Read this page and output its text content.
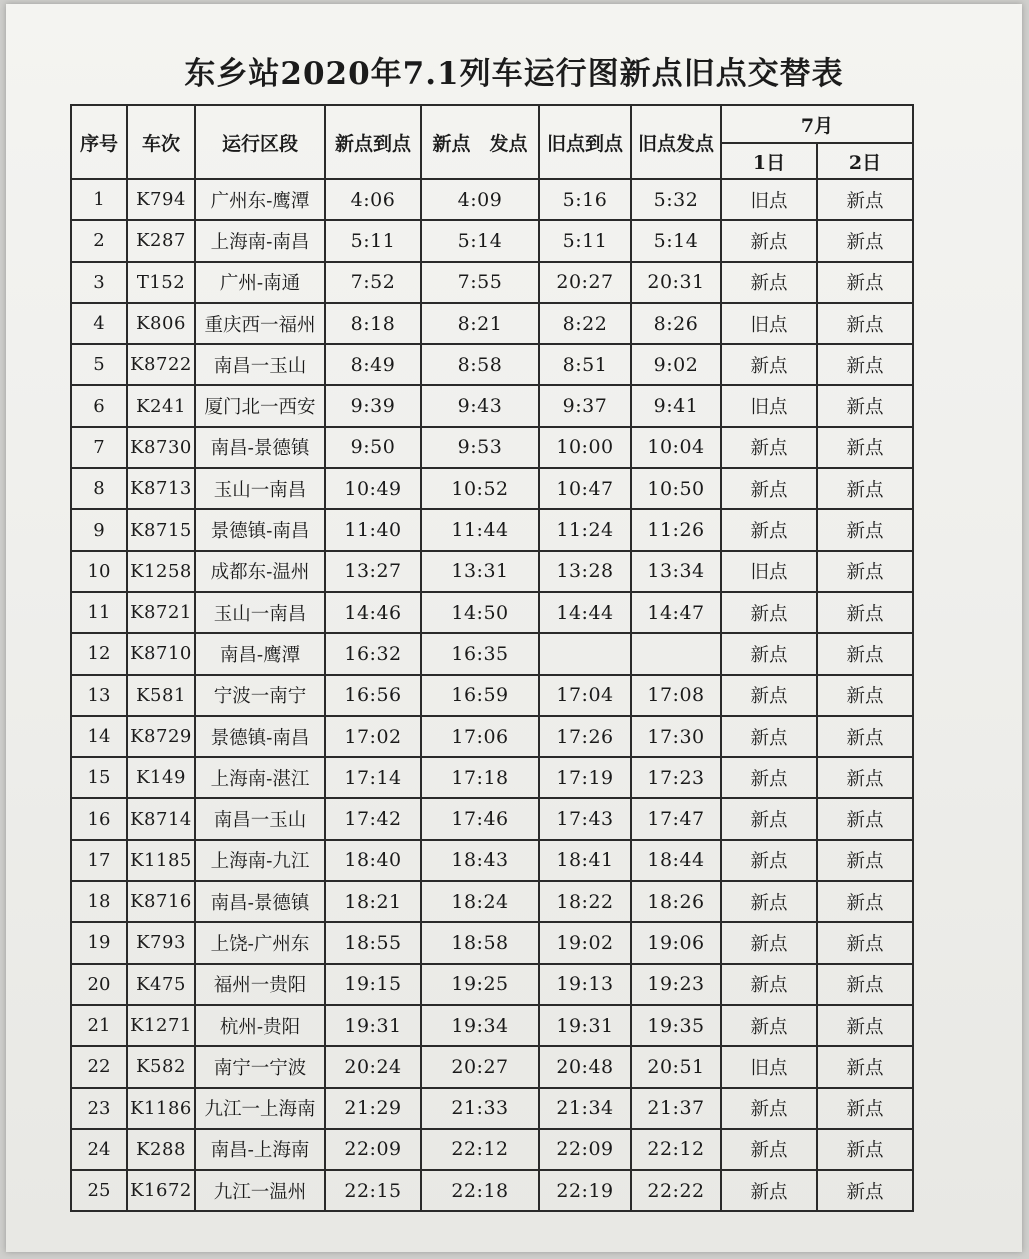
东乡站2020年7.1列车运行图新点旧点交替表
序号	车次	运行区段	新点到点	新点　发点	旧点到点	旧点发点	7月	
							1日	2日
1	K794	广州东-鹰潭	4:06	4:09	5:16	5:32	旧点	新点
2	K287	上海南-南昌	5:11	5:14	5:11	5:14	新点	新点
3	T152	广州-南通	7:52	7:55	20:27	20:31	新点	新点
4	K806	重庆西一福州	8:18	8:21	8:22	8:26	旧点	新点
5	K8722	南昌一玉山	8:49	8:58	8:51	9:02	新点	新点
6	K241	厦门北一西安	9:39	9:43	9:37	9:41	旧点	新点
7	K8730	南昌-景德镇	9:50	9:53	10:00	10:04	新点	新点
8	K8713	玉山一南昌	10:49	10:52	10:47	10:50	新点	新点
9	K8715	景德镇-南昌	11:40	11:44	11:24	11:26	新点	新点
10	K1258	成都东-温州	13:27	13:31	13:28	13:34	旧点	新点
11	K8721	玉山一南昌	14:46	14:50	14:44	14:47	新点	新点
12	K8710	南昌-鹰潭	16:32	16:35			新点	新点
13	K581	宁波一南宁	16:56	16:59	17:04	17:08	新点	新点
14	K8729	景德镇-南昌	17:02	17:06	17:26	17:30	新点	新点
15	K149	上海南-湛江	17:14	17:18	17:19	17:23	新点	新点
16	K8714	南昌一玉山	17:42	17:46	17:43	17:47	新点	新点
17	K1185	上海南-九江	18:40	18:43	18:41	18:44	新点	新点
18	K8716	南昌-景德镇	18:21	18:24	18:22	18:26	新点	新点
19	K793	上饶-广州东	18:55	18:58	19:02	19:06	新点	新点
20	K475	福州一贵阳	19:15	19:25	19:13	19:23	新点	新点
21	K1271	杭州-贵阳	19:31	19:34	19:31	19:35	新点	新点
22	K582	南宁一宁波	20:24	20:27	20:48	20:51	旧点	新点
23	K1186	九江一上海南	21:29	21:33	21:34	21:37	新点	新点
24	K288	南昌-上海南	22:09	22:12	22:09	22:12	新点	新点
25	K1672	九江一温州	22:15	22:18	22:19	22:22	新点	新点
